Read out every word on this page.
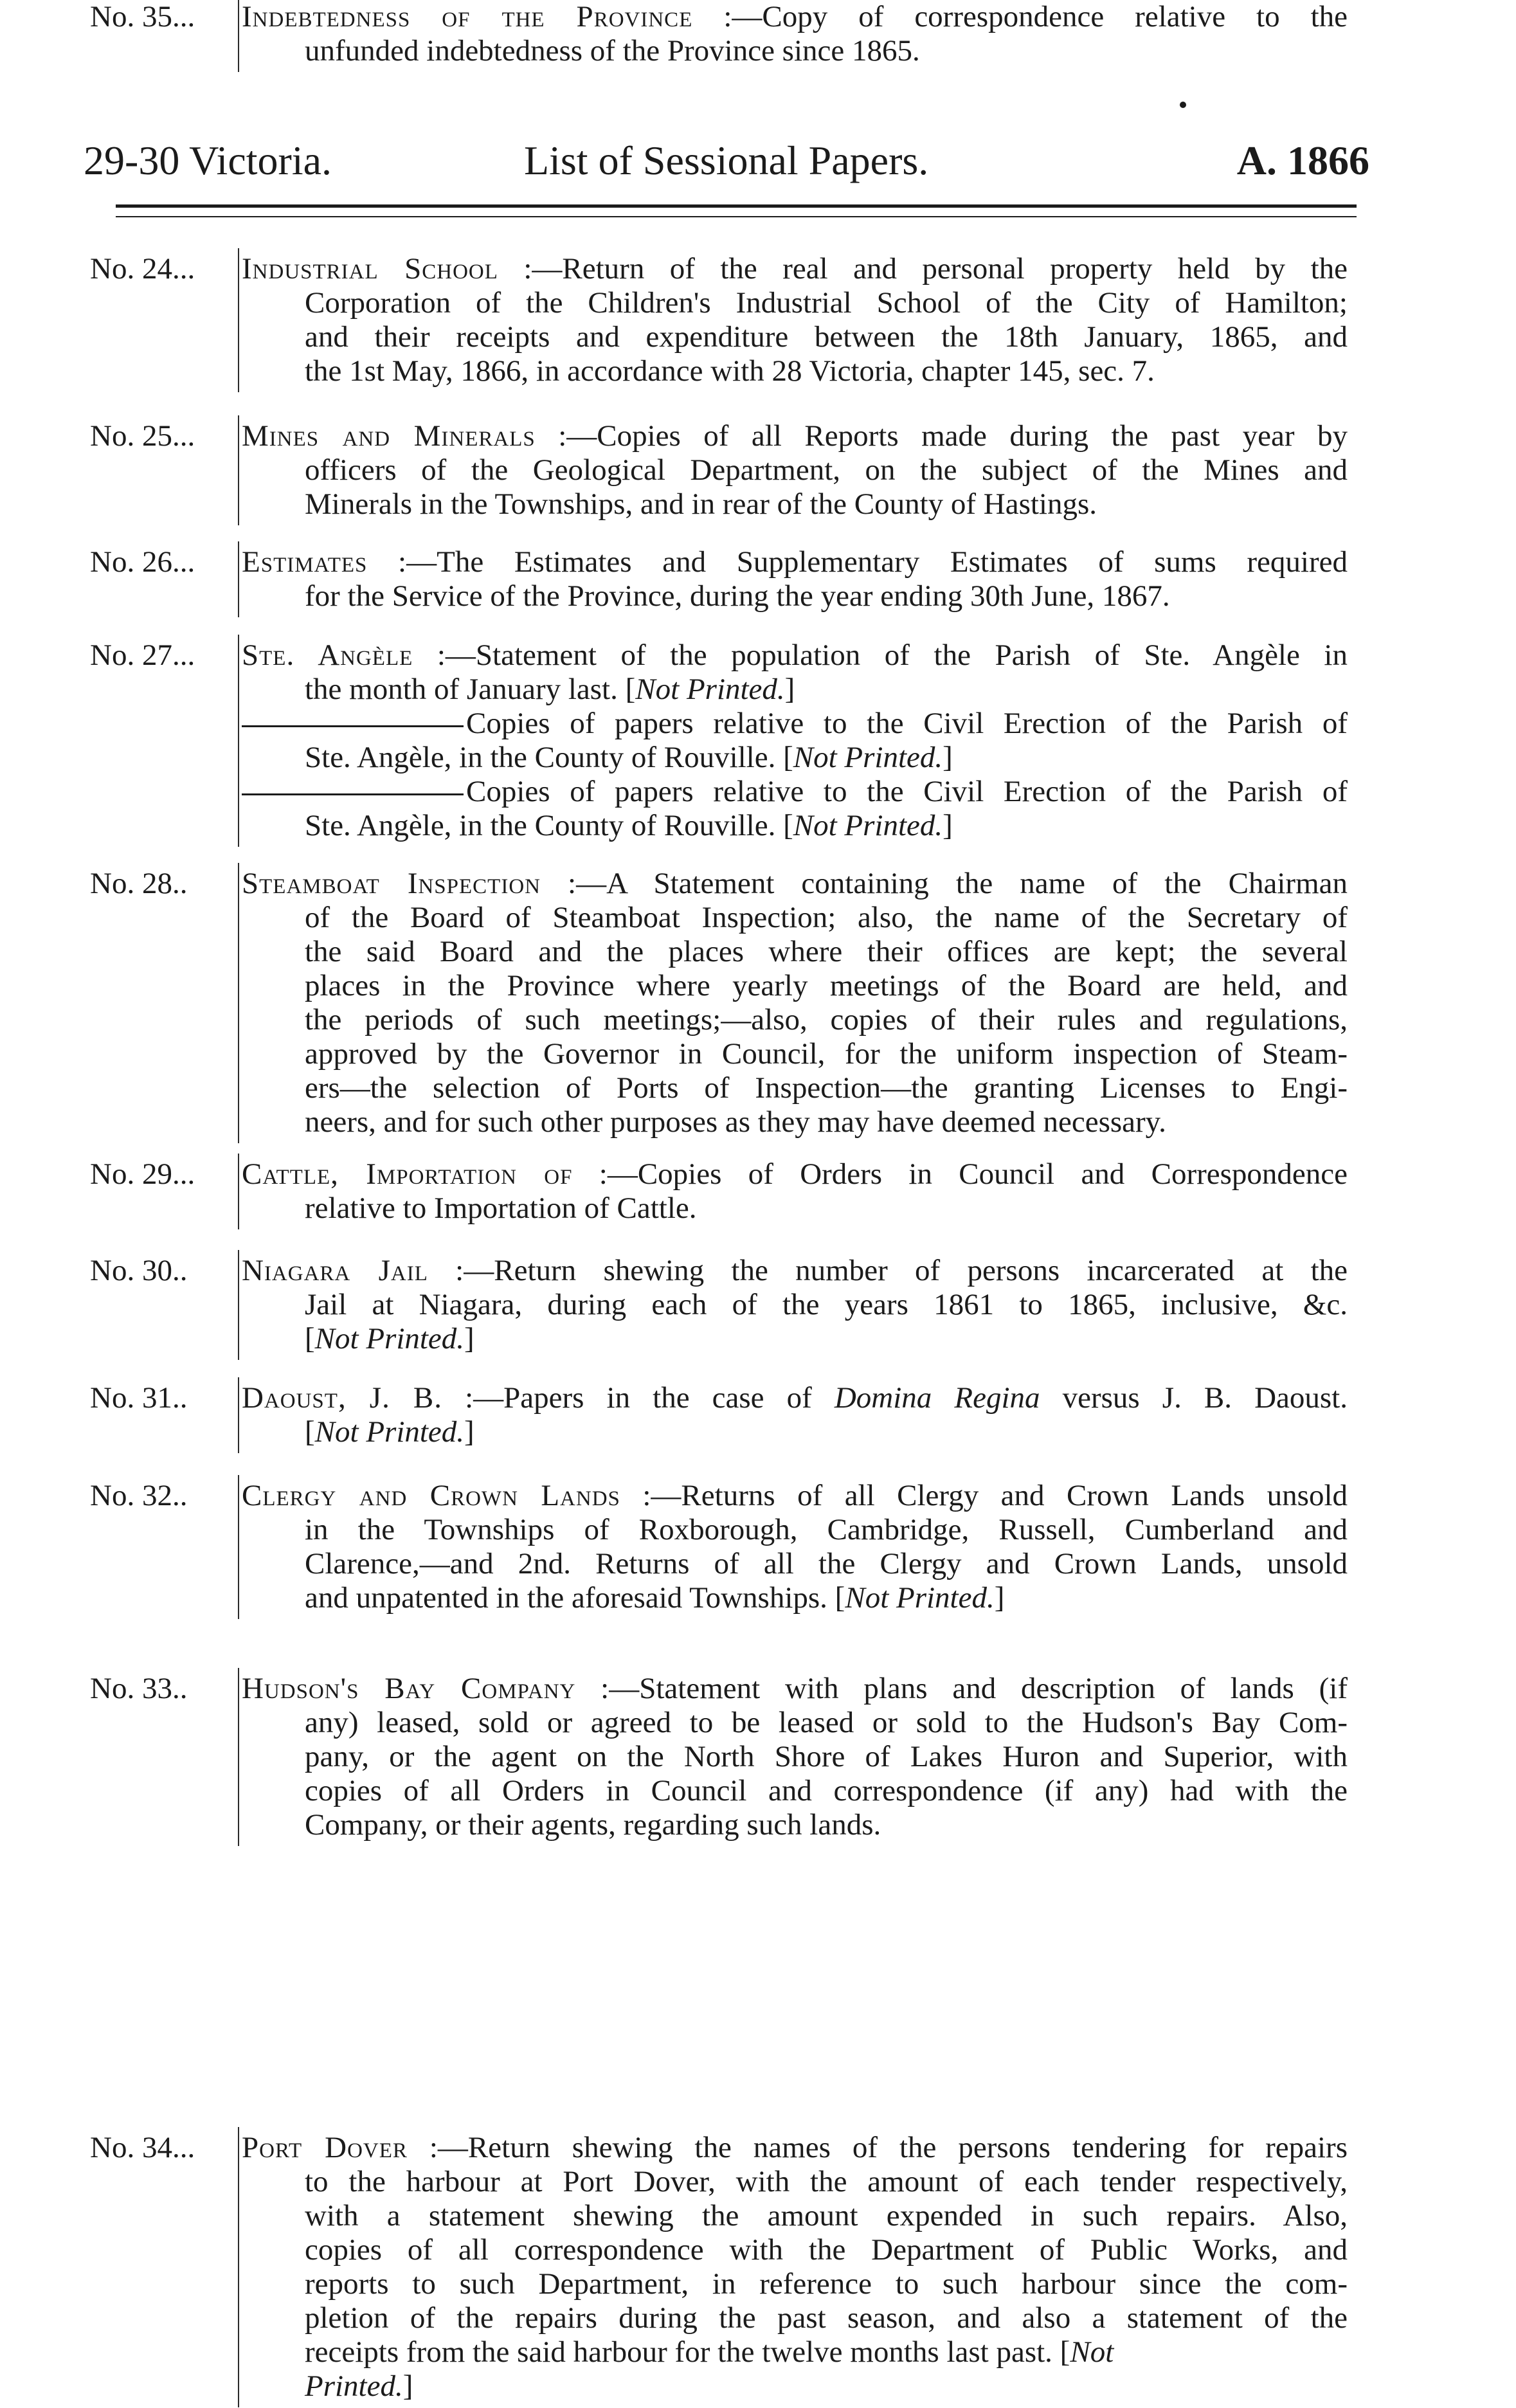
29-30 Victoria.	List of Sessional Papers.	A. 1866
No. 24... Industrial School :—Return of the real and personal property held by the
Corporation of the Children's Industrial School of the City of Hamilton;
and their receipts and expenditure between the 18th January, 1865, and
the 1st May, 1866, in accordance with 28 Victoria, chapter 145, sec. 7.
No. 25... Mines and Minerals :—Copies of all Reports made during the past year by
officers of the Geological Department, on the subject of the Mines and
Minerals in the Townships, and in rear of the County of Hastings.
No. 26... Estimates :—The Estimates and Supplementary Estimates of sums required
for the Service of the Province, during the year ending 30th June, 1867.
No. 27... Ste. Angèle :—Statement of the population of the Parish of Ste. Angèle in
the month of January last. [Not Printed.]
Copies of papers relative to the Civil Erection of the Parish of
Ste. Angèle, in the County of Rouville. [Not Printed.]
Copies of papers relative to the Civil Erection of the Parish of
Ste. Angèle, in the County of Rouville. [Not Printed.]
No. 28.. Steamboat Inspection :—A Statement containing the name of the Chairman
of the Board of Steamboat Inspection; also, the name of the Secretary of
the said Board and the places where their offices are kept; the several
places in the Province where yearly meetings of the Board are held, and
the periods of such meetings;—also, copies of their rules and regulations,
approved by the Governor in Council, for the uniform inspection of Steam-
ers—the selection of Ports of Inspection—the granting Licenses to Engi-
neers, and for such other purposes as they may have deemed necessary.
No. 29... Cattle, Importation of :—Copies of Orders in Council and Correspondence
relative to Importation of Cattle.
No. 30.. Niagara Jail :—Return shewing the number of persons incarcerated at the
Jail at Niagara, during each of the years 1861 to 1865, inclusive, &c.
[Not Printed.]
No. 31.. Daoust, J. B. :—Papers in the case of Domina Regina versus J. B. Daoust.
[Not Printed.]
No. 32.. Clergy and Crown Lands :—Returns of all Clergy and Crown Lands unsold
in the Townships of Roxborough, Cambridge, Russell, Cumberland and
Clarence,—and 2nd. Returns of all the Clergy and Crown Lands, unsold
and unpatented in the aforesaid Townships. [Not Printed.]
No. 33.. Hudson's Bay Company :—Statement with plans and description of lands (if
any) leased, sold or agreed to be leased or sold to the Hudson's Bay Com-
pany, or the agent on the North Shore of Lakes Huron and Superior, with
copies of all Orders in Council and correspondence (if any) had with the
Company, or their agents, regarding such lands.
No. 34... Port Dover :—Return shewing the names of the persons tendering for repairs
to the harbour at Port Dover, with the amount of each tender respectively,
with a statement shewing the amount expended in such repairs. Also,
copies of all correspondence with the Department of Public Works, and
reports to such Department, in reference to such harbour since the com-
pletion of the repairs during the past season, and also a statement of the
receipts from the said harbour for the twelve months last past. [Not
Printed.]
No. 35... Indebtedness of the Province :—Copy of correspondence relative to the
unfunded indebtedness of the Province since 1865.
